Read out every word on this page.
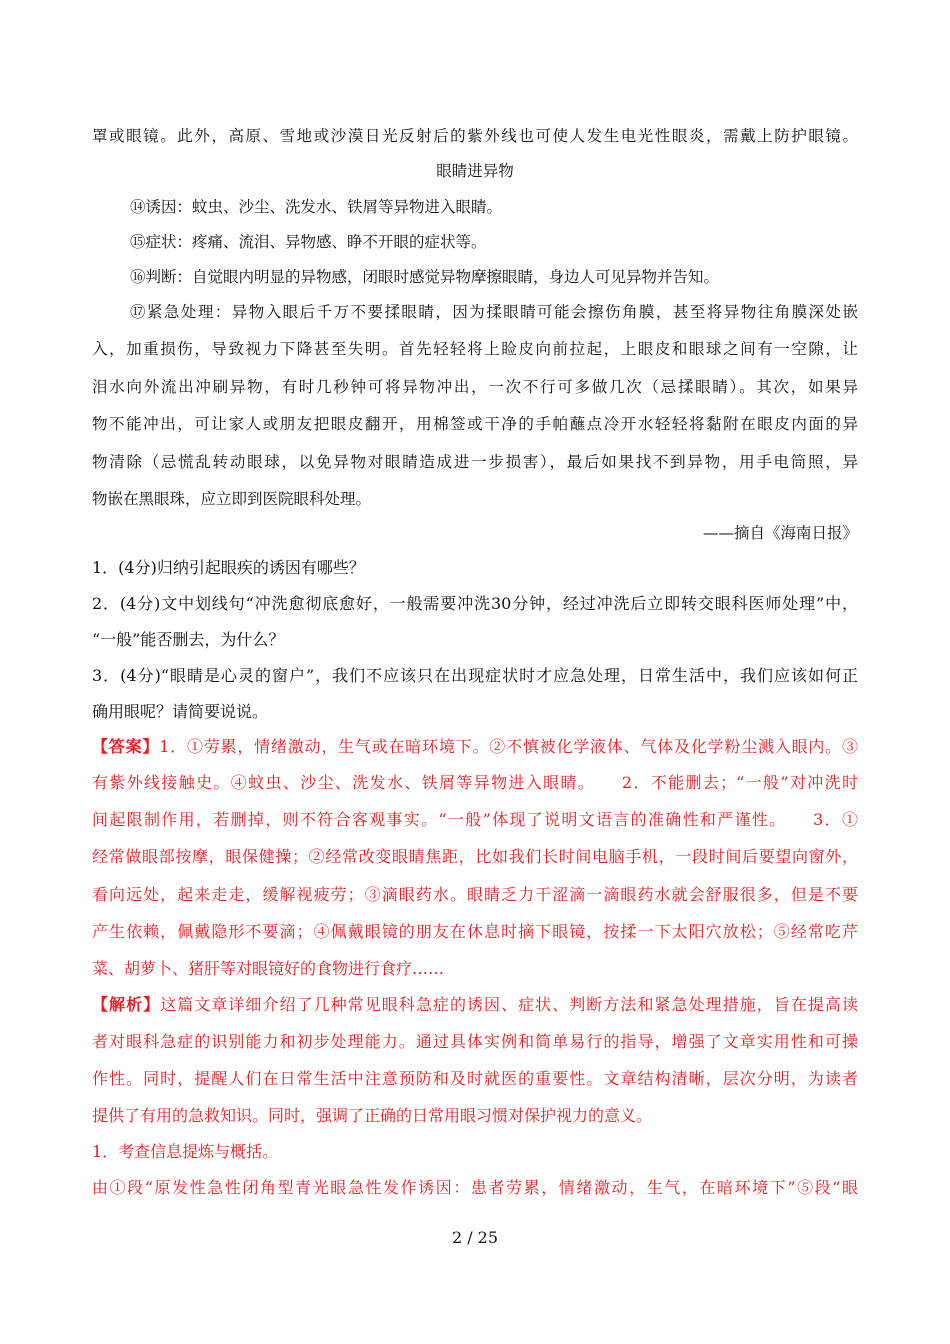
罩或眼镜。此外，高原、雪地或沙漠日光反射后的紫外线也可使人发生电光性眼炎，需戴上防护眼镜。
眼睛进异物
⑭诱因：蚊虫、沙尘、洗发水、铁屑等异物进入眼睛。
⑮症状：疼痛、流泪、异物感、睁不开眼的症状等。
⑯判断：自觉眼内明显的异物感，闭眼时感觉异物摩擦眼睛，身边人可见异物并告知。
⑰紧急处理：异物入眼后千万不要揉眼睛，因为揉眼睛可能会擦伤角膜，甚至将异物往角膜深处嵌
入，加重损伤，导致视力下降甚至失明。首先轻轻将上睑皮向前拉起，上眼皮和眼球之间有一空隙，让
泪水向外流出冲刷异物，有时几秒钟可将异物冲出，一次不行可多做几次（忌揉眼睛）。其次，如果异
物不能冲出，可让家人或朋友把眼皮翻开，用棉签或干净的手帕蘸点冷开水轻轻将黏附在眼皮内面的异
物清除（忌慌乱转动眼球，以免异物对眼睛造成进一步损害），最后如果找不到异物，用手电筒照，异
物嵌在黑眼珠，应立即到医院眼科处理。
——摘自《海南日报》
1．(4分)归纳引起眼疾的诱因有哪些？
2．(4分)文中划线句“冲洗愈彻底愈好，一般需要冲洗30分钟，经过冲洗后立即转交眼科医师处理”中，
“一般”能否删去，为什么？
3．(4分)“眼睛是心灵的窗户”，我们不应该只在出现症状时才应急处理，日常生活中，我们应该如何正
确用眼呢？请简要说说。
【答案】1．①劳累，情绪激动，生气或在暗环境下。②不慎被化学液体、气体及化学粉尘溅入眼内。③
有紫外线接触史。④蚊虫、沙尘、洗发水、铁屑等异物进入眼睛。　　2．不能删去；“一般”对冲洗时
间起限制作用，若删掉，则不符合客观事实。“一般”体现了说明文语言的准确性和严谨性。　　3．①
经常做眼部按摩，眼保健操；②经常改变眼睛焦距，比如我们长时间电脑手机，一段时间后要望向窗外，
看向远处，起来走走，缓解视疲劳；③滴眼药水。眼睛乏力干涩滴一滴眼药水就会舒服很多，但是不要
产生依赖，佩戴隐形不要滴；④佩戴眼镜的朋友在休息时摘下眼镜，按揉一下太阳穴放松；⑤经常吃芹
菜、胡萝卜、猪肝等对眼镜好的食物进行食疗……
【解析】这篇文章详细介绍了几种常见眼科急症的诱因、症状、判断方法和紧急处理措施，旨在提高读
者对眼科急症的识别能力和初步处理能力。通过具体实例和简单易行的指导，增强了文章实用性和可操
作性。同时，提醒人们在日常生活中注意预防和及时就医的重要性。文章结构清晰，层次分明，为读者
提供了有用的急救知识。同时，强调了正确的日常用眼习惯对保护视力的意义。
1．考查信息提炼与概括。
由①段“原发性急性闭角型青光眼急性发作诱因：患者劳累，情绪激动，生气，在暗环境下”⑤段“眼
2 / 25
